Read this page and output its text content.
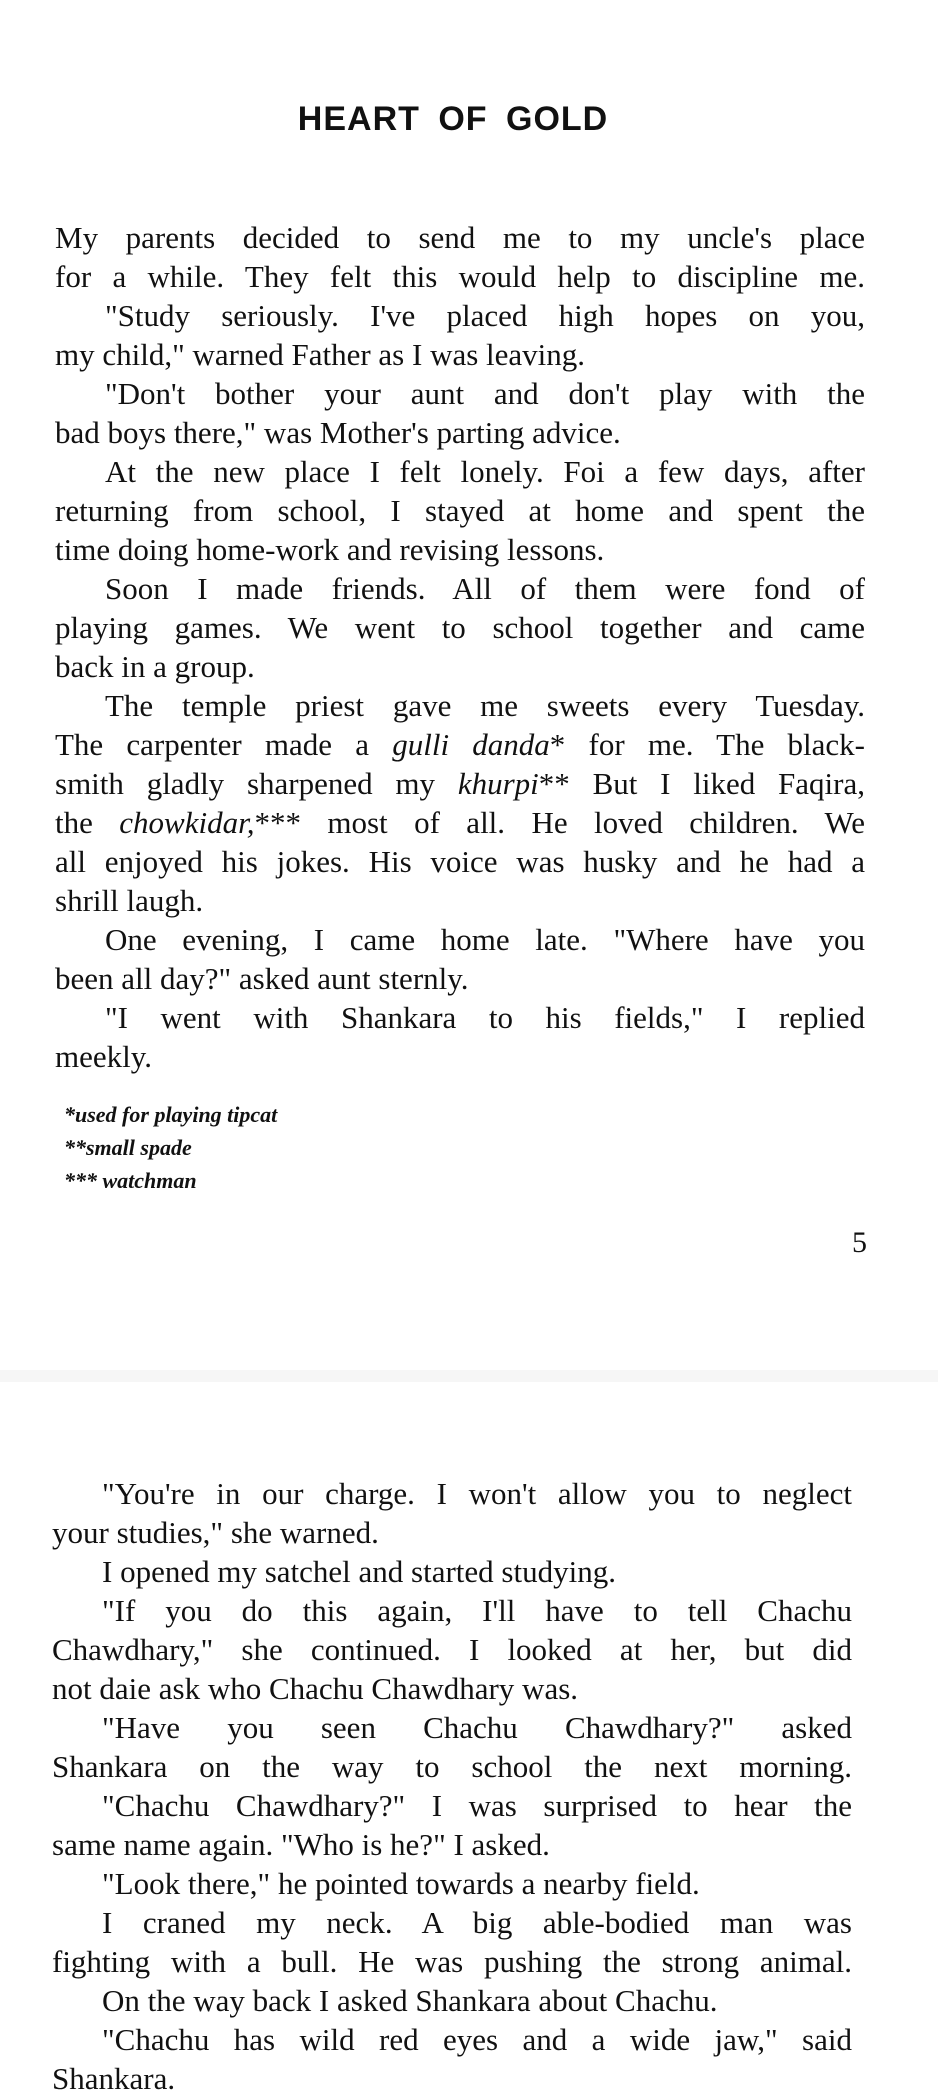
HEART OF GOLD
My parents decided to send me to my uncle's place
for a while. They felt this would help to discipline me.
"Study seriously. I've placed high hopes on you,
my child," warned Father as I was leaving.
"Don't bother your aunt and don't play with the
bad boys there," was Mother's parting advice.
At the new place I felt lonely. Foi a few days, after
returning from school, I stayed at home and spent the
time doing home-work and revising lessons.
Soon I made friends. All of them were fond of
playing games. We went to school together and came
back in a group.
The temple priest gave me sweets every Tuesday.
The carpenter made a gulli danda* for me. The black-
smith gladly sharpened my khurpi** But I liked Faqira,
the chowkidar,*** most of all. He loved children. We
all enjoyed his jokes. His voice was husky and he had a
shrill laugh.
One evening, I came home late. "Where have you
been all day?" asked aunt sternly.
"I went with Shankara to his fields," I replied
meekly.
*used for playing tipcat
**small spade
*** watchman
5
"You're in our charge. I won't allow you to neglect
your studies," she warned.
I opened my satchel and started studying.
"If you do this again, I'll have to tell Chachu
Chawdhary," she continued. I looked at her, but did
not daie ask who Chachu Chawdhary was.
"Have you seen Chachu Chawdhary?" asked
Shankara on the way to school the next morning.
"Chachu Chawdhary?" I was surprised to hear the
same name again. "Who is he?" I asked.
"Look there," he pointed towards a nearby field.
I craned my neck. A big able-bodied man was
fighting with a bull. He was pushing the strong animal.
On the way back I asked Shankara about Chachu.
"Chachu has wild red eyes and a wide jaw," said
Shankara.
